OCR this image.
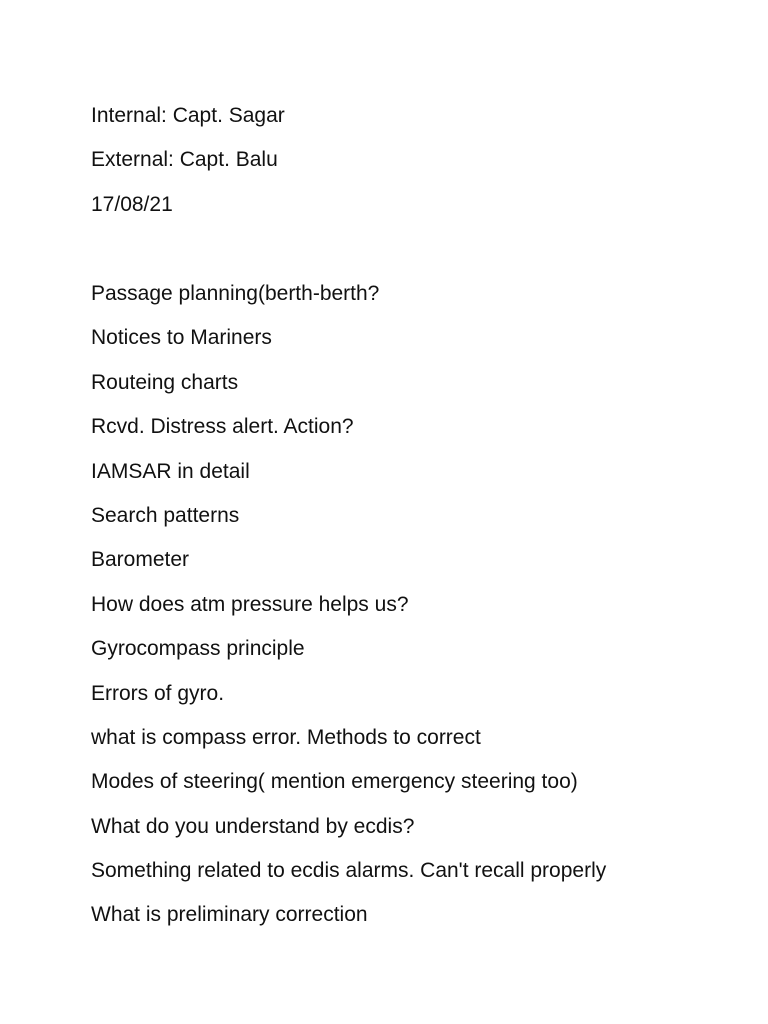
Internal: Capt. Sagar
External: Capt. Balu
17/08/21
Passage planning(berth-berth?
Notices to Mariners
Routeing charts
Rcvd. Distress alert. Action?
IAMSAR in detail
Search patterns
Barometer
How does atm pressure helps us?
Gyrocompass principle
Errors of gyro.
what is compass error. Methods to correct
Modes of steering( mention emergency steering too)
What do you understand by ecdis?
Something related to ecdis alarms. Can't recall properly
What is preliminary correction
